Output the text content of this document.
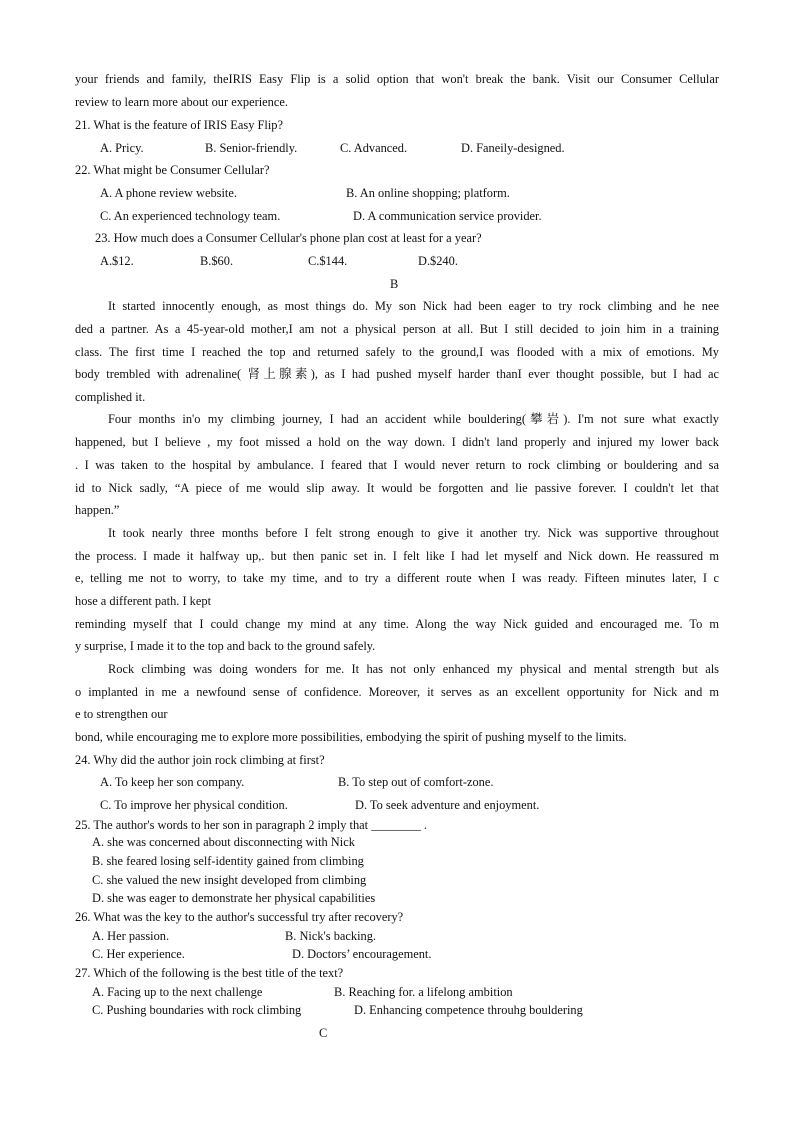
your friends and family, theIRIS Easy Flip is a solid option that won't break the bank. Visit our Consumer Cellular
review to learn more about our experience.
21. What is the feature of IRIS Easy Flip?
A. Pricy.	B. Senior-friendly.	C. Advanced.	D. Faneily-designed.
22. What might be Consumer Cellular?
A. A phone review website.	B. An online shopping; platform.
C. An experienced technology team.	D. A communication service provider.
23. How much does a Consumer Cellular's phone plan cost at least for a year?
A.$12.	B.$60.	C.$144.	D.$240.
B
It started innocently enough, as most things do. My son Nick had been eager to try rock climbing and he nee
ded a partner. As a 45-year-old mother,I am not a physical person at all. But I still decided to join him in a training
class. The first time I reached the top and returned safely to the ground,I was flooded with a mix of emotions. My
body trembled with adrenaline( 肾上腺素), as I had pushed myself harder thanI ever thought possible, but I had ac
complished it.
Four months in'o my climbing journey, I had an accident while bouldering(攀岩). I'm not sure what exactly
happened, but I believe , my foot missed a hold on the way down. I didn't land properly and injured my lower back
. I was taken to the hospital by ambulance. I feared that I would never return to rock climbing or bouldering and sa
id to Nick sadly, “A piece of me would slip away. It would be forgotten and lie passive forever. I couldn't let that
happen.”
It took nearly three months before I felt strong enough to give it another try. Nick was supportive throughout
the process. I made it halfway up,. but then panic set in. I felt like I had let myself and Nick down. He reassured m
e, telling me not to worry, to take my time, and to try a different route when I was ready. Fifteen minutes later, I c
hose a different path. I kept
reminding myself that I could change my mind at any time. Along the way Nick guided and encouraged me. To m
y surprise, I made it to the top and back to the ground safely.
Rock climbing was doing wonders for me. It has not only enhanced my physical and mental strength but als
o implanted in me a newfound sense of confidence. Moreover, it serves as an excellent opportunity for Nick and m
e to strengthen our
bond, while encouraging me to explore more possibilities, embodying the spirit of pushing myself to the limits.
24. Why did the author join rock climbing at first?
A. To keep her son company.	B. To step out of comfort-zone.
C. To improve her physical condition.	D. To seek adventure and enjoyment.
25. The author's words to her son in paragraph 2 imply that ________ .
A. she was concerned about disconnecting with Nick
B. she feared losing self-identity gained from climbing
C. she valued the new insight developed from climbing
D. she was eager to demonstrate her physical capabilities
26. What was the key to the author's successful try after recovery?
A. Her passion.	B. Nick's backing.
C. Her experience.	D. Doctors’ encouragement.
27. Which of the following is the best title of the text?
A. Facing up to the next challenge	B. Reaching for. a lifelong ambition
C. Pushing boundaries with rock climbing	D. Enhancing competence throuhg bouldering
C
